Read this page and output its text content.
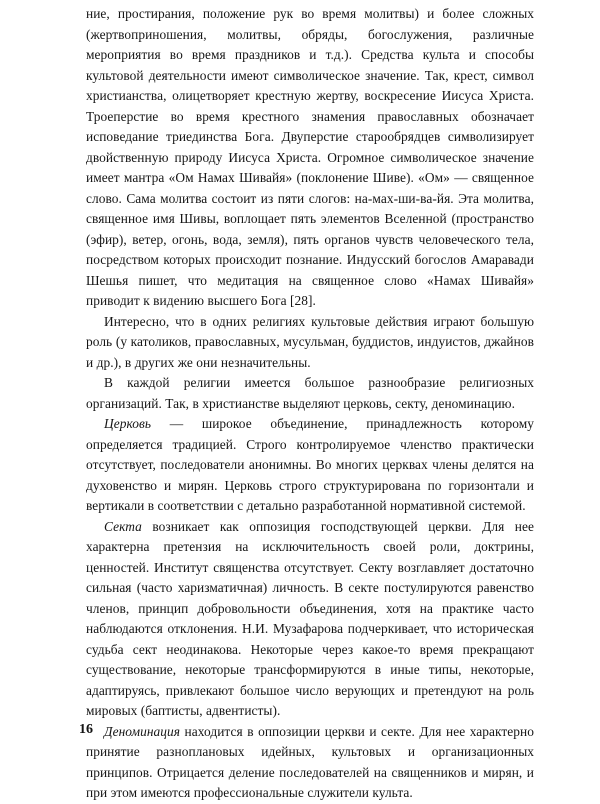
ние, простирания, положение рук во время молитвы) и более сложных (жертвоприношения, молитвы, обряды, богослужения, различные мероприятия во время праздников и т.д.). Средства культа и способы культовой деятельности имеют символическое значение. Так, крест, символ христианства, олицетворяет крестную жертву, воскресение Иисуса Христа. Троеперстие во время крестного знамения православных обозначает исповедание триединства Бога. Двуперстие старообрядцев символизирует двойственную природу Иисуса Христа. Огромное символическое значение имеет мантра «Ом Намах Шивайя» (поклонение Шиве). «Ом» — священное слово. Сама молитва состоит из пяти слогов: на-мах-ши-ва-йя. Эта молитва, священное имя Шивы, воплощает пять элементов Вселенной (пространство (эфир), ветер, огонь, вода, земля), пять органов чувств человеческого тела, посредством которых происходит познание. Индусский богослов Амаравади Шешья пишет, что медитация на священное слово «Намах Шивайя» приводит к видению высшего Бога [28].

Интересно, что в одних религиях культовые действия играют большую роль (у католиков, православных, мусульман, буддистов, индуистов, джайнов и др.), в других же они незначительны.

В каждой религии имеется большое разнообразие религиозных организаций. Так, в христианстве выделяют церковь, секту, деноминацию.

Церковь — широкое объединение, принадлежность которому определяется традицией. Строго контролируемое членство практически отсутствует, последователи анонимны. Во многих церквах члены делятся на духовенство и мирян. Церковь строго структурирована по горизонтали и вертикали в соответствии с детально разработанной нормативной системой.

Секта возникает как оппозиция господствующей церкви. Для нее характерна претензия на исключительность своей роли, доктрины, ценностей. Институт священства отсутствует. Секту возглавляет достаточно сильная (часто харизматичная) личность. В секте постулируются равенство членов, принцип добровольности объединения, хотя на практике часто наблюдаются отклонения. Н.И. Музафарова подчеркивает, что историческая судьба сект неодинакова. Некоторые через какое-то время прекращают существование, некоторые трансформируются в иные типы, некоторые, адаптируясь, привлекают большое число верующих и претендуют на роль мировых (баптисты, адвентисты).

Деноминация находится в оппозиции церкви и секте. Для нее характерно принятие разноплановых идейных, культовых и организационных принципов. Отрицается деление последователей на священников и мирян, и при этом имеются профессиональные служители культа.

16
